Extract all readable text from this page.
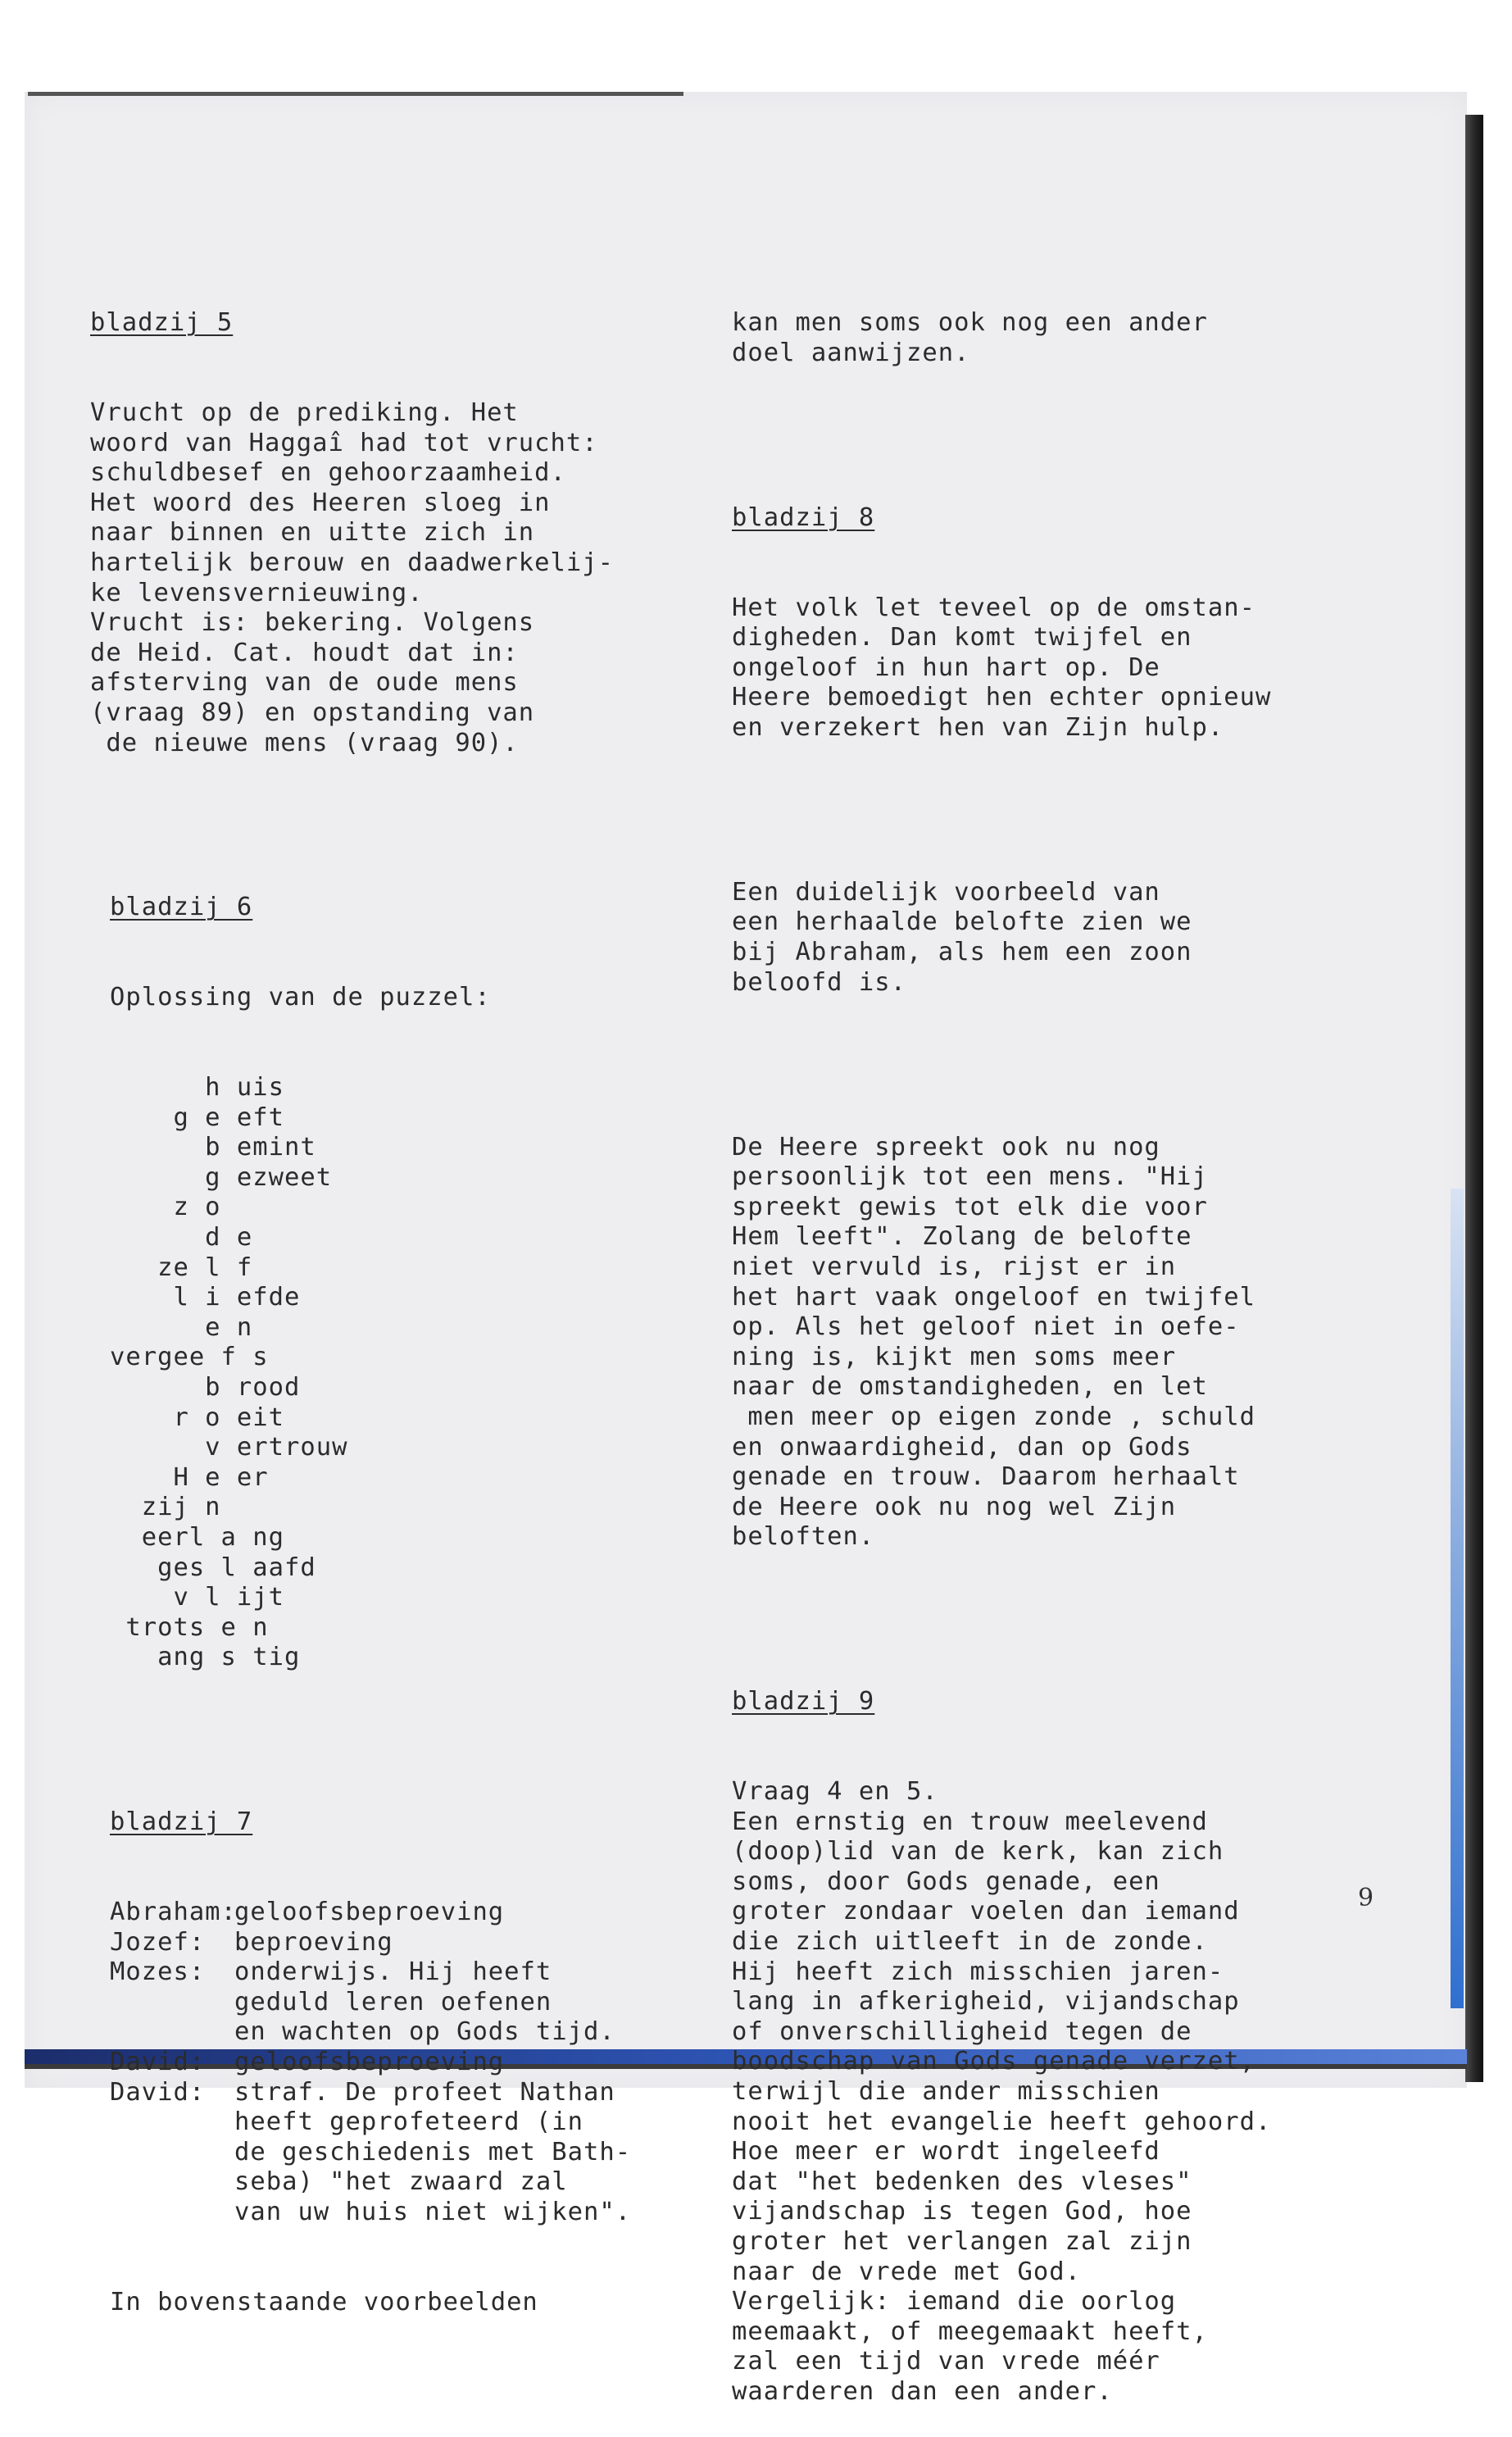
bladzij 5

Vrucht op de prediking. Het
woord van Haggaî had tot vrucht:
schuldbesef en gehoorzaamheid.
Het woord des Heeren sloeg in
naar binnen en uitte zich in
hartelijk berouw en daadwerkelij-
ke levensvernieuwing.
Vrucht is: bekering. Volgens
de Heid. Cat. houdt dat in:
afsterving van de oude mens
(vraag 89) en opstanding van
de nieuwe mens (vraag 90).

bladzij 6

Oplossing van de puzzel:

h uis
g e eft
b emint
g ezweet
z o
d e
ze l f
l i efde
e n
vergee f s
b rood
r o eit
v ertrouw
H e er
zij n
eerl a ng
ges l aafd
v l ijt
trots e n
ang s tig

bladzij 7

Abraham:geloofsbeproeving
Jozef: beproeving
Mozes: onderwijs. Hij heeft
geduld leren oefenen
en wachten op Gods tijd.
David: geloofsbeproeving
David: straf. De profeet Nathan
heeft geprofeteerd (in
de geschiedenis met Bath-
seba) "het zwaard zal
van uw huis niet wijken".

In bovenstaande voorbeelden

kan men soms ook nog een ander
doel aanwijzen.

bladzij 8

Het volk let teveel op de omstan-
digheden. Dan komt twijfel en
ongeloof in hun hart op. De
Heere bemoedigt hen echter opnieuw
en verzekert hen van Zijn hulp.

Een duidelijk voorbeeld van
een herhaalde belofte zien we
bij Abraham, als hem een zoon
beloofd is.

De Heere spreekt ook nu nog
persoonlijk tot een mens. "Hij
spreekt gewis tot elk die voor
Hem leeft". Zolang de belofte
niet vervuld is, rijst er in
het hart vaak ongeloof en twijfel
op. Als het geloof niet in oefe-
ning is, kijkt men soms meer
naar de omstandigheden, en let
men meer op eigen zonde , schuld
en onwaardigheid, dan op Gods
genade en trouw. Daarom herhaalt
de Heere ook nu nog wel Zijn
beloften.

bladzij 9

Vraag 4 en 5.
Een ernstig en trouw meelevend
(doop)lid van de kerk, kan zich
soms, door Gods genade, een
groter zondaar voelen dan iemand
die zich uitleeft in de zonde.
Hij heeft zich misschien jaren-
lang in afkerigheid, vijandschap
of onverschilligheid tegen de
boodschap van Gods genade verzet,
terwijl die ander misschien
nooit het evangelie heeft gehoord.
Hoe meer er wordt ingeleefd
dat "het bedenken des vleses"
vijandschap is tegen God, hoe
groter het verlangen zal zijn
naar de vrede met God.
Vergelijk: iemand die oorlog
meemaakt, of meegemaakt heeft,
zal een tijd van vrede méér
waarderen dan een ander.

9
